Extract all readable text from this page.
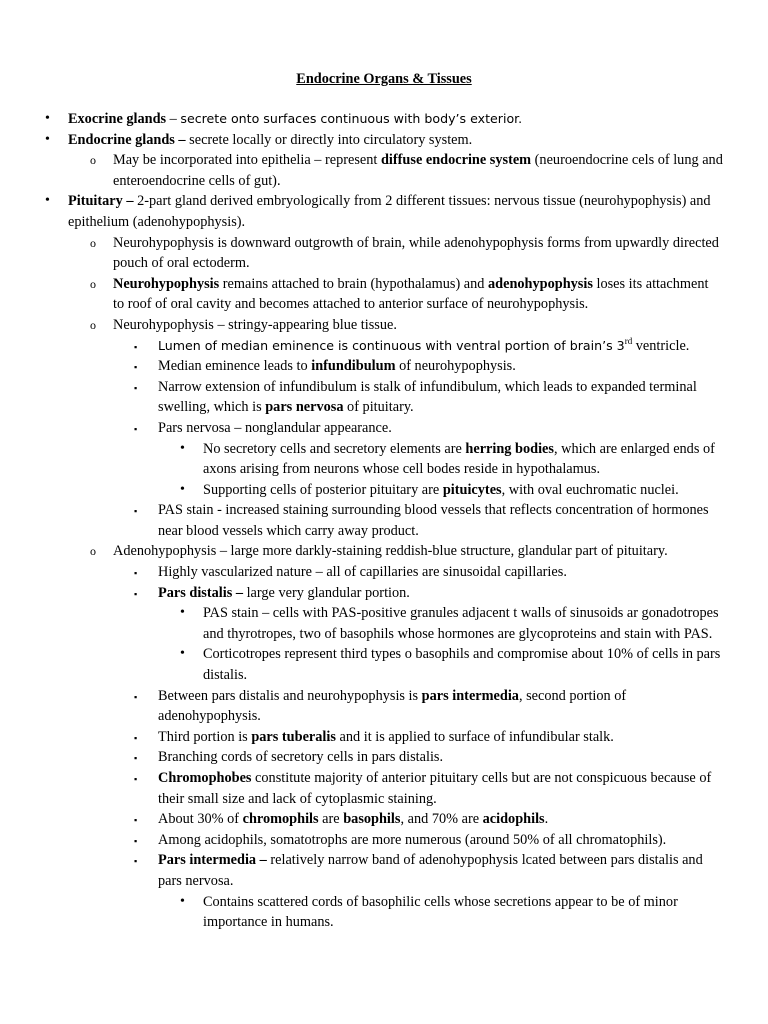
Endocrine Organs & Tissues
• Exocrine glands – secrete onto surfaces continuous with body’s exterior.
• Endocrine glands – secrete locally or directly into circulatory system.
o May be incorporated into epithelia – represent diffuse endocrine system (neuroendocrine cels of lung and enteroendocrine cells of gut).
• Pituitary – 2-part gland derived embryologically from 2 different tissues: nervous tissue (neurohypophysis) and epithelium (adenohypophysis).
o Neurohypophysis is downward outgrowth of brain, while adenohypophysis forms from upwardly directed pouch of oral ectoderm.
o Neurohypophysis remains attached to brain (hypothalamus) and adenohypophysis loses its attachment to roof of oral cavity and becomes attached to anterior surface of neurohypophysis.
o Neurohypophysis – stringy-appearing blue tissue.
▪ Lumen of median eminence is continuous with ventral portion of brain’s 3rd ventricle.
▪ Median eminence leads to infundibulum of neurohypophysis.
▪ Narrow extension of infundibulum is stalk of infundibulum, which leads to expanded terminal swelling, which is pars nervosa of pituitary.
▪ Pars nervosa – nonglandular appearance.
• No secretory cells and secretory elements are herring bodies, which are enlarged ends of axons arising from neurons whose cell bodes reside in hypothalamus.
• Supporting cells of posterior pituitary are pituicytes, with oval euchromatic nuclei.
▪ PAS stain - increased staining surrounding blood vessels that reflects concentration of hormones near blood vessels which carry away product.
o Adenohypophysis – large more darkly-staining reddish-blue structure, glandular part of pituitary.
▪ Highly vascularized nature – all of capillaries are sinusoidal capillaries.
▪ Pars distalis – large very glandular portion.
• PAS stain – cells with PAS-positive granules adjacent t walls of sinusoids ar gonadotropes and thyrotropes, two of basophils whose hormones are glycoproteins and stain with PAS.
• Corticotropes represent third types o basophils and compromise about 10% of cells in pars distalis.
▪ Between pars distalis and neurohypophysis is pars intermedia, second portion of adenohypophysis.
▪ Third portion is pars tuberalis and it is applied to surface of infundibular stalk.
▪ Branching cords of secretory cells in pars distalis.
▪ Chromophobes constitute majority of anterior pituitary cells but are not conspicuous because of their small size and lack of cytoplasmic staining.
▪ About 30% of chromophils are basophils, and 70% are acidophils.
▪ Among acidophils, somatotrophs are more numerous (around 50% of all chromatophils).
▪ Pars intermedia – relatively narrow band of adenohypophysis lcated between pars distalis and pars nervosa.
• Contains scattered cords of basophilic cells whose secretions appear to be of minor importance in humans.
